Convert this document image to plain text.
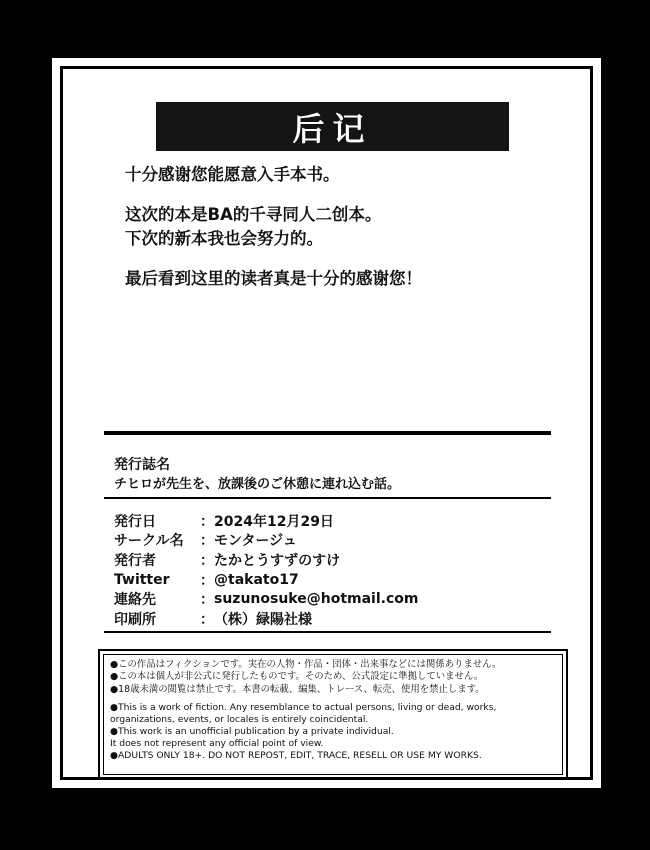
后记
十分感谢您能愿意入手本书。
这次的本是BA的千寻同人二创本。
下次的新本我也会努力的。
最后看到这里的读者真是十分的感谢您！
発行誌名
チヒロが先生を、放課後のご休憩に連れ込む話。
発行日	： 2024年12月29日
サークル名	： モンタージュ
発行者	： たかとうすずのすけ
Twitter	： @takato17
連絡先	： suzunosuke@hotmail.com
印刷所	： （株）緑陽社様
●この作品はフィクションです。実在の人物・作品・団体・出来事などには関係ありません。
●この本は個人が非公式に発行したものです。そのため、公式設定に準拠していません。
●18歳未満の閲覧は禁止です。本書の転載、編集、トレース、転売、使用を禁止します。
●This is a work of fiction. Any resemblance to actual persons, living or dead, works,
organizations, events, or locales is entirely coincidental.
●This work is an unofficial publication by a private individual.
It does not represent any official point of view.
●ADULTS ONLY 18+. DO NOT REPOST, EDIT, TRACE, RESELL OR USE MY WORKS.
